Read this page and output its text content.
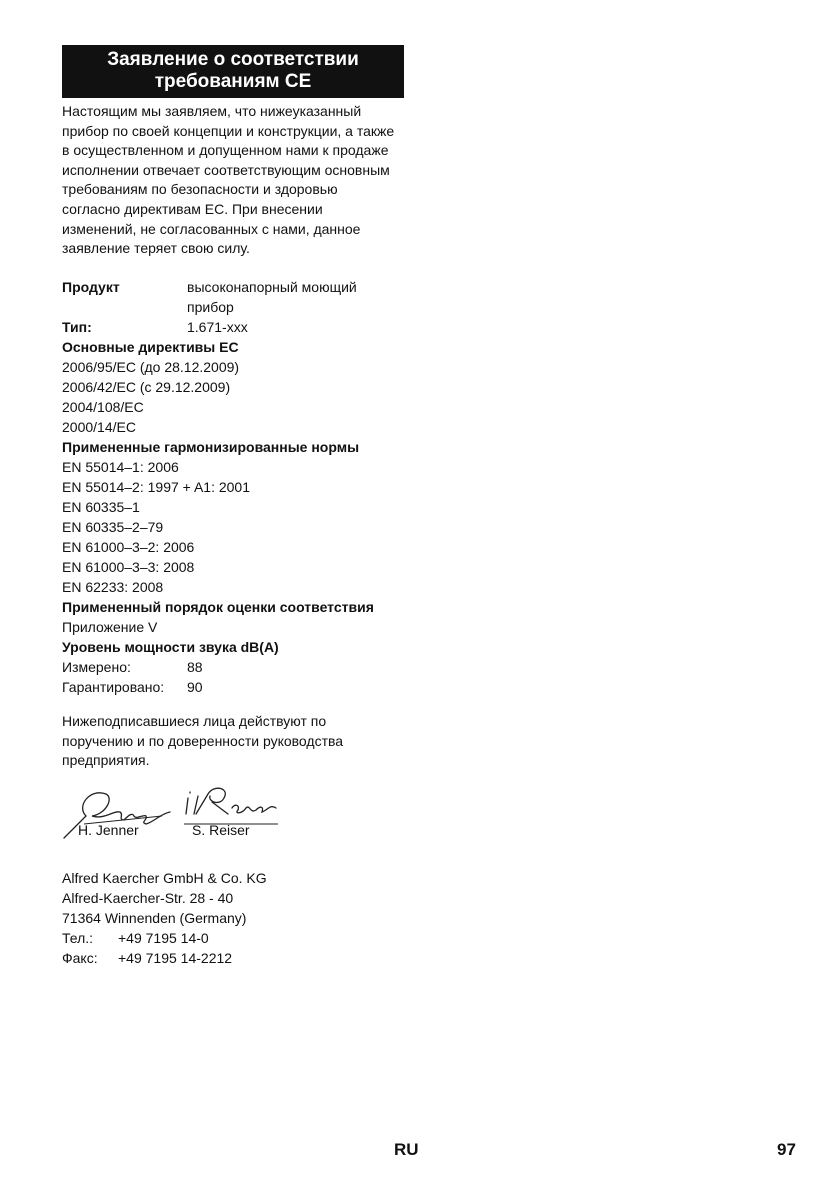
Заявление о соответствии
требованиям CE
Настоящим мы заявляем, что нижеуказанный
прибор по своей концепции и конструкции, а также
в осуществленном и допущенном нами к продаже
исполнении отвечает соответствующим основным
требованиям по безопасности и здоровью
согласно директивам ЕС. При внесении
изменений, не согласованных с нами, данное
заявление теряет свою силу.
Продукт	высоконапорный моющий
прибор
Тип:	1.671-xxx
Основные директивы ЕС
2006/95/EC (до 28.12.2009)
2006/42/EC (с 29.12.2009)
2004/108/EC
2000/14/EC
Примененные гармонизированные нормы
EN 55014–1: 2006
EN 55014–2: 1997 + A1: 2001
EN 60335–1
EN 60335–2–79
EN 61000–3–2: 2006
EN 61000–3–3: 2008
EN 62233: 2008
Примененный порядок оценки соответствия
Приложение V
Уровень мощности звука dB(A)
Измерено:	88
Гарантировано: 90
Нижеподписавшиеся лица действуют по
поручению и по доверенности руководства
предприятия.
H. Jenner	S. Reiser
Alfred Kaercher GmbH & Co. KG
Alfred-Kaercher-Str. 28 - 40
71364 Winnenden (Germany)
Тел.: +49 7195 14-0
Факс: +49 7195 14-2212
RU	97
